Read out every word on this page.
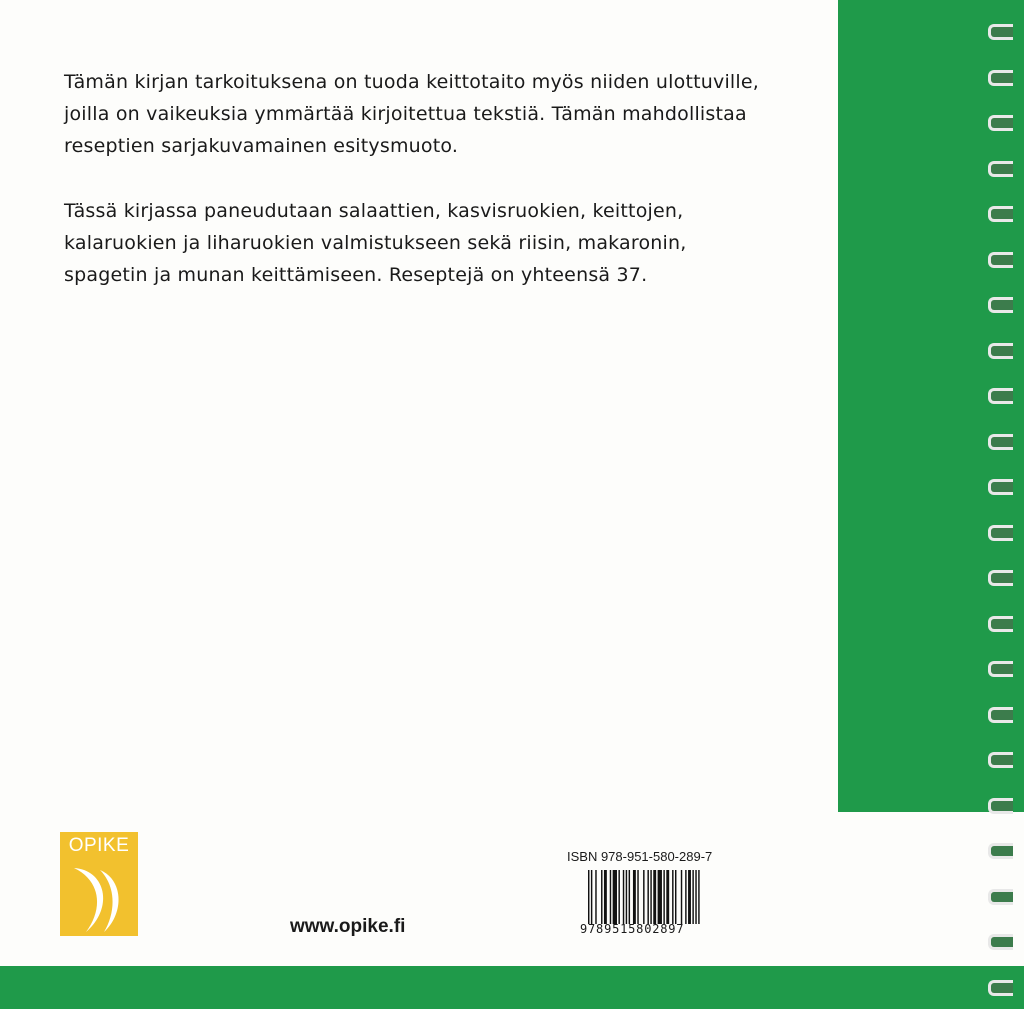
Tämän kirjan tarkoituksena on tuoda keittotaito myös niiden ulottuville, joilla on vaikeuksia ymmärtää kirjoitettua tekstiä. Tämän mahdollistaa reseptien sarjakuvamainen esitysmuoto.

Tässä kirjassa paneudutaan salaattien, kasvisruokien, keittojen, kalaruokien ja liharuokien valmistukseen sekä riisin, makaronin, spagetin ja munan keittämiseen. Reseptejä on yhteensä 37.

OPIKE
www.opike.fi
ISBN 978-951-580-289-7
9789515802897
